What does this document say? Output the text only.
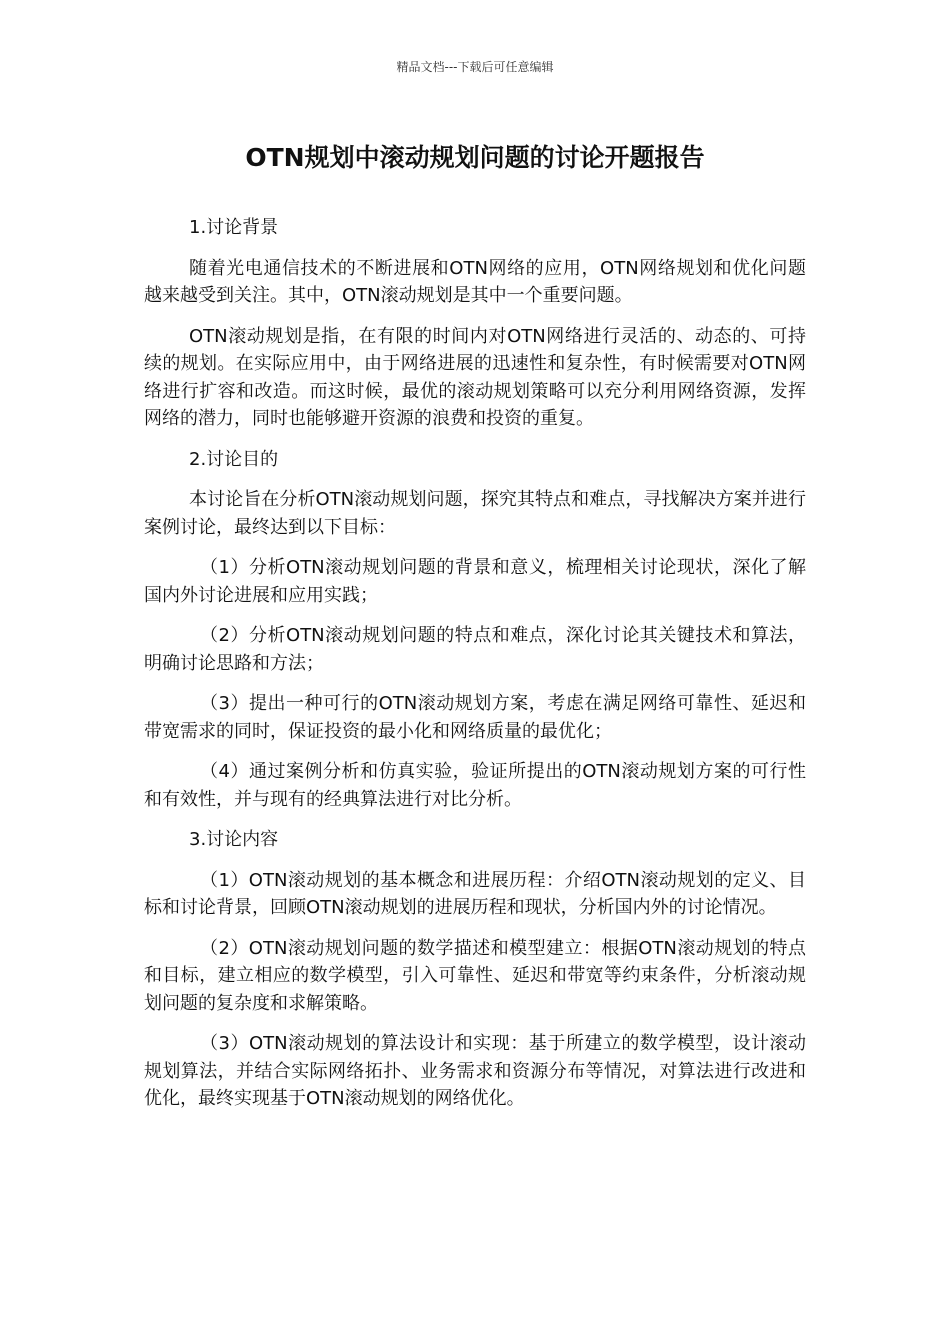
精品文档---下载后可任意编辑
OTN规划中滚动规划问题的讨论开题报告

1.讨论背景

随着光电通信技术的不断进展和OTN网络的应用，OTN网络规划和优化问题越来越受到关注。其中，OTN滚动规划是其中一个重要问题。

OTN滚动规划是指，在有限的时间内对OTN网络进行灵活的、动态的、可持续的规划。在实际应用中，由于网络进展的迅速性和复杂性，有时候需要对OTN网络进行扩容和改造。而这时候，最优的滚动规划策略可以充分利用网络资源，发挥网络的潜力，同时也能够避开资源的浪费和投资的重复。

2.讨论目的

本讨论旨在分析OTN滚动规划问题，探究其特点和难点，寻找解决方案并进行案例讨论，最终达到以下目标：

（1）分析OTN滚动规划问题的背景和意义，梳理相关讨论现状，深化了解国内外讨论进展和应用实践；

（2）分析OTN滚动规划问题的特点和难点，深化讨论其关键技术和算法，明确讨论思路和方法；

（3）提出一种可行的OTN滚动规划方案，考虑在满足网络可靠性、延迟和带宽需求的同时，保证投资的最小化和网络质量的最优化；

（4）通过案例分析和仿真实验，验证所提出的OTN滚动规划方案的可行性和有效性，并与现有的经典算法进行对比分析。

3.讨论内容

（1）OTN滚动规划的基本概念和进展历程：介绍OTN滚动规划的定义、目标和讨论背景，回顾OTN滚动规划的进展历程和现状，分析国内外的讨论情况。

（2）OTN滚动规划问题的数学描述和模型建立：根据OTN滚动规划的特点和目标，建立相应的数学模型，引入可靠性、延迟和带宽等约束条件，分析滚动规划问题的复杂度和求解策略。

（3）OTN滚动规划的算法设计和实现：基于所建立的数学模型，设计滚动规划算法，并结合实际网络拓扑、业务需求和资源分布等情况，对算法进行改进和优化，最终实现基于OTN滚动规划的网络优化。
